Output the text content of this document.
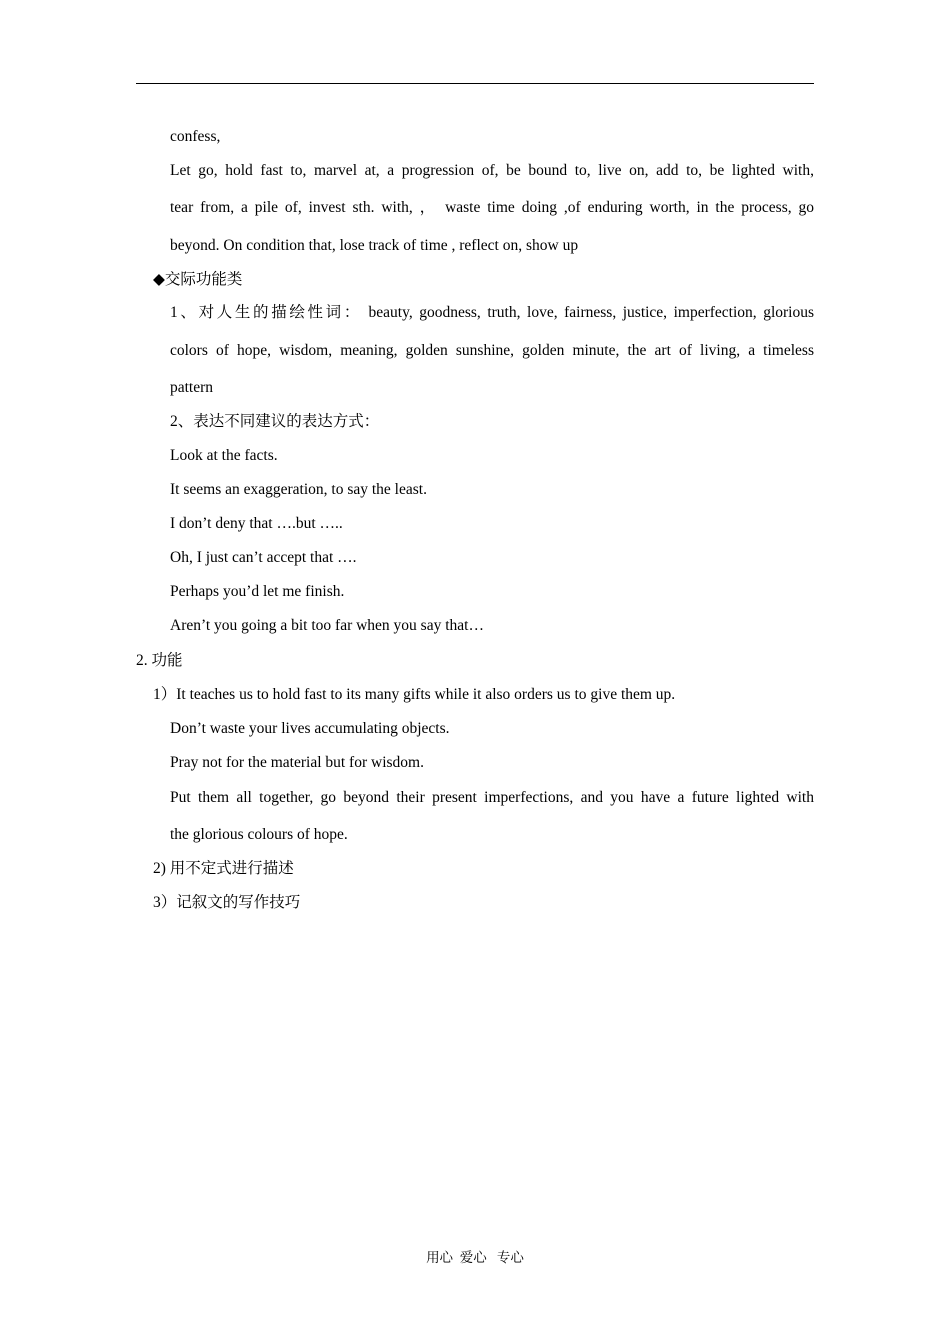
confess,
Let go, hold fast to, marvel at, a progression of, be bound to, live on, add to, be lighted with,
tear from, a pile of, invest sth. with, ， waste time doing ,of enduring worth, in the process, go
beyond. On condition that, lose track of time , reflect on, show up
◆交际功能类
1、对人生的描绘性词： beauty, goodness, truth, love, fairness, justice, imperfection, glorious
colors of hope, wisdom, meaning, golden sunshine, golden minute, the art of living, a timeless
pattern
2、表达不同建议的表达方式：
Look at the facts.
It seems an exaggeration, to say the least.
I don’t deny that ….but …..
Oh, I just can’t accept that ….
Perhaps you’d let me finish.
Aren’t you going a bit too far when you say that…
2. 功能
1）It teaches us to hold fast to its many gifts while it also orders us to give them up.
Don’t waste your lives accumulating objects.
Pray not for the material but for wisdom.
Put them all together, go beyond their present imperfections, and you have a future lighted with
the glorious colours of hope.
2) 用不定式进行描述
3）记叙文的写作技巧
用心  爱心   专心
